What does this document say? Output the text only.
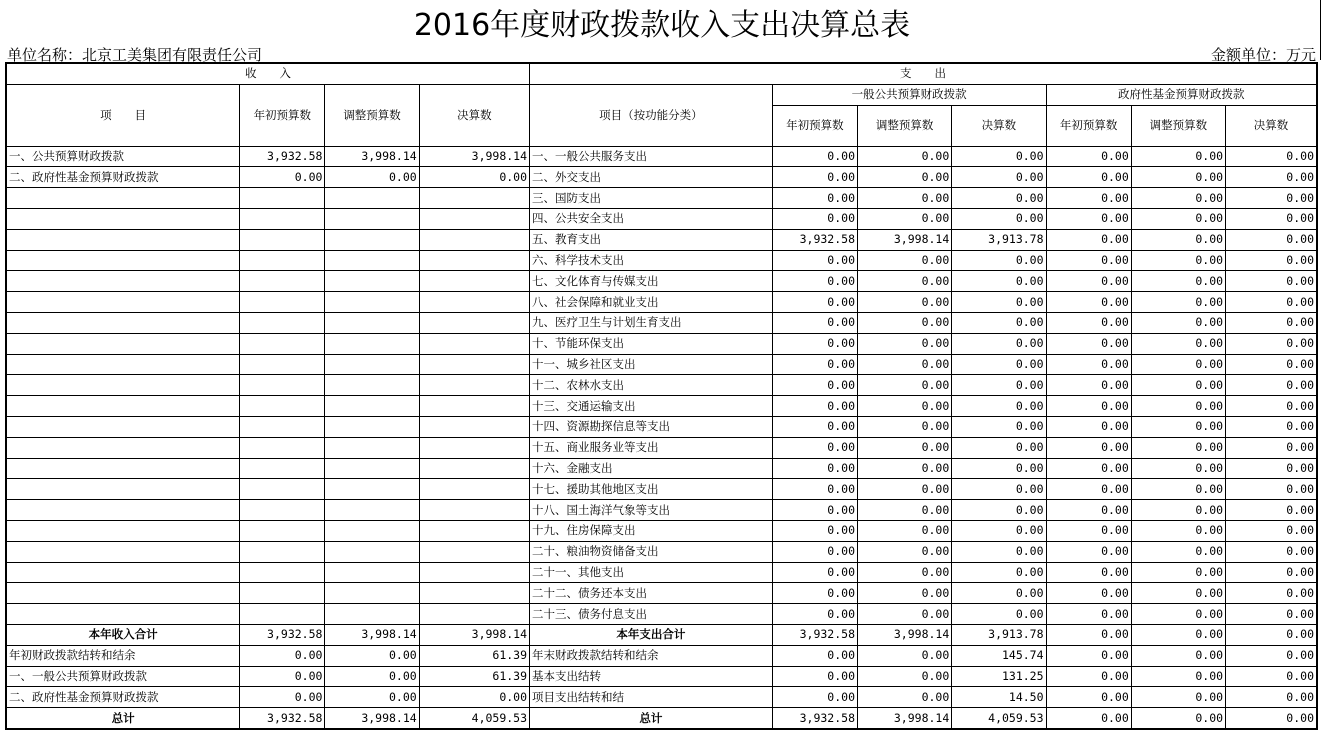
2016年度财政拨款收入支出决算总表
单位名称：北京工美集团有限责任公司	金额单位：万元
收　　入				支　　出						
项　　目	年初预算数	调整预算数	决算数	项目（按功能分类）	一般公共预算财政拨款			政府性基金预算财政拨款		
					年初预算数	调整预算数	决算数	年初预算数	调整预算数	决算数
一、公共预算财政拨款	3,932.58	3,998.14	3,998.14	一、一般公共服务支出	0.00	0.00	0.00	0.00	0.00	0.00
二、政府性基金预算财政拨款	0.00	0.00	0.00	二、外交支出	0.00	0.00	0.00	0.00	0.00	0.00
				三、国防支出	0.00	0.00	0.00	0.00	0.00	0.00
				四、公共安全支出	0.00	0.00	0.00	0.00	0.00	0.00
				五、教育支出	3,932.58	3,998.14	3,913.78	0.00	0.00	0.00
				六、科学技术支出	0.00	0.00	0.00	0.00	0.00	0.00
				七、文化体育与传媒支出	0.00	0.00	0.00	0.00	0.00	0.00
				八、社会保障和就业支出	0.00	0.00	0.00	0.00	0.00	0.00
				九、医疗卫生与计划生育支出	0.00	0.00	0.00	0.00	0.00	0.00
				十、节能环保支出	0.00	0.00	0.00	0.00	0.00	0.00
				十一、城乡社区支出	0.00	0.00	0.00	0.00	0.00	0.00
				十二、农林水支出	0.00	0.00	0.00	0.00	0.00	0.00
				十三、交通运输支出	0.00	0.00	0.00	0.00	0.00	0.00
				十四、资源勘探信息等支出	0.00	0.00	0.00	0.00	0.00	0.00
				十五、商业服务业等支出	0.00	0.00	0.00	0.00	0.00	0.00
				十六、金融支出	0.00	0.00	0.00	0.00	0.00	0.00
				十七、援助其他地区支出	0.00	0.00	0.00	0.00	0.00	0.00
				十八、国土海洋气象等支出	0.00	0.00	0.00	0.00	0.00	0.00
				十九、住房保障支出	0.00	0.00	0.00	0.00	0.00	0.00
				二十、粮油物资储备支出	0.00	0.00	0.00	0.00	0.00	0.00
				二十一、其他支出	0.00	0.00	0.00	0.00	0.00	0.00
				二十二、债务还本支出	0.00	0.00	0.00	0.00	0.00	0.00
				二十三、债务付息支出	0.00	0.00	0.00	0.00	0.00	0.00
本年收入合计	3,932.58	3,998.14	3,998.14	本年支出合计	3,932.58	3,998.14	3,913.78	0.00	0.00	0.00
年初财政拨款结转和结余	0.00	0.00	61.39	年末财政拨款结转和结余	0.00	0.00	145.74	0.00	0.00	0.00
一、一般公共预算财政拨款	0.00	0.00	61.39	基本支出结转	0.00	0.00	131.25	0.00	0.00	0.00
二、政府性基金预算财政拨款	0.00	0.00	0.00	项目支出结转和结	0.00	0.00	14.50	0.00	0.00	0.00
总计	3,932.58	3,998.14	4,059.53	总计	3,932.58	3,998.14	4,059.53	0.00	0.00	0.00
